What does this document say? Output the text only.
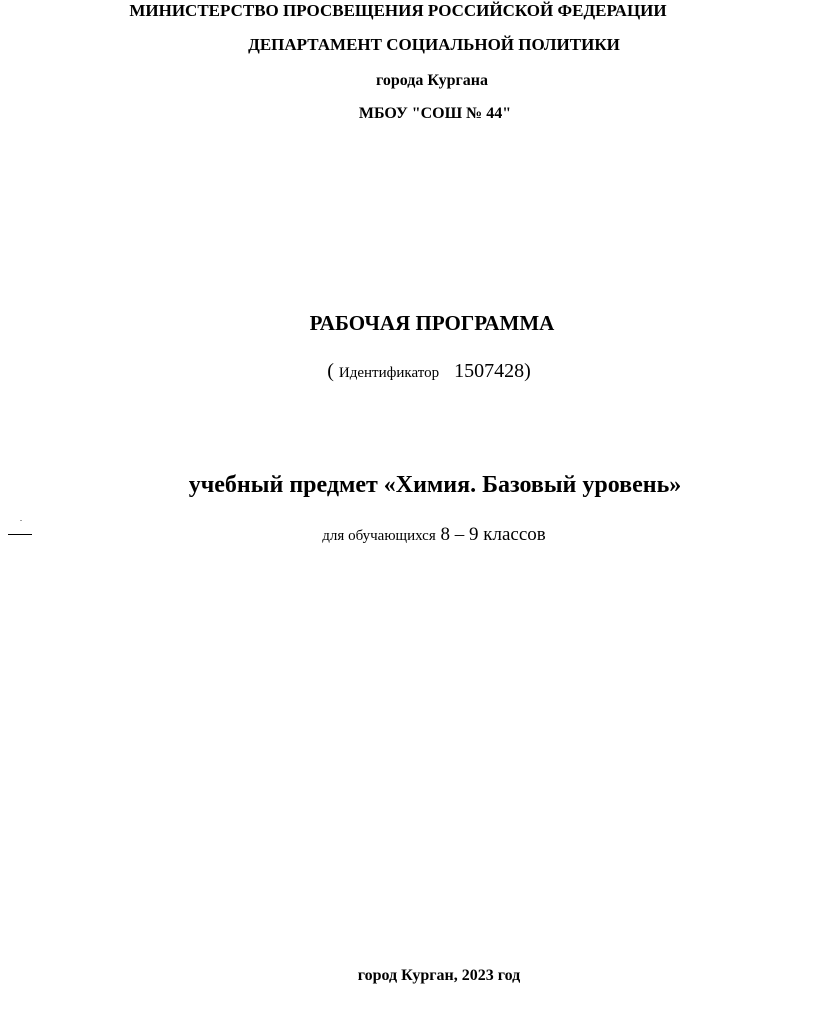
МИНИСТЕРСТВО ПРОСВЕЩЕНИЯ РОССИЙСКОЙ ФЕДЕРАЦИИ
ДЕПАРТАМЕНТ СОЦИАЛЬНОЙ ПОЛИТИКИ
города Кургана
МБОУ "СОШ № 44"
РАБОЧАЯ ПРОГРАММА
( Идентификатор 1507428)
учебный предмет «Химия. Базовый уровень»
для обучающихся 8 – 9 классов
.
город Курган, 2023 год
